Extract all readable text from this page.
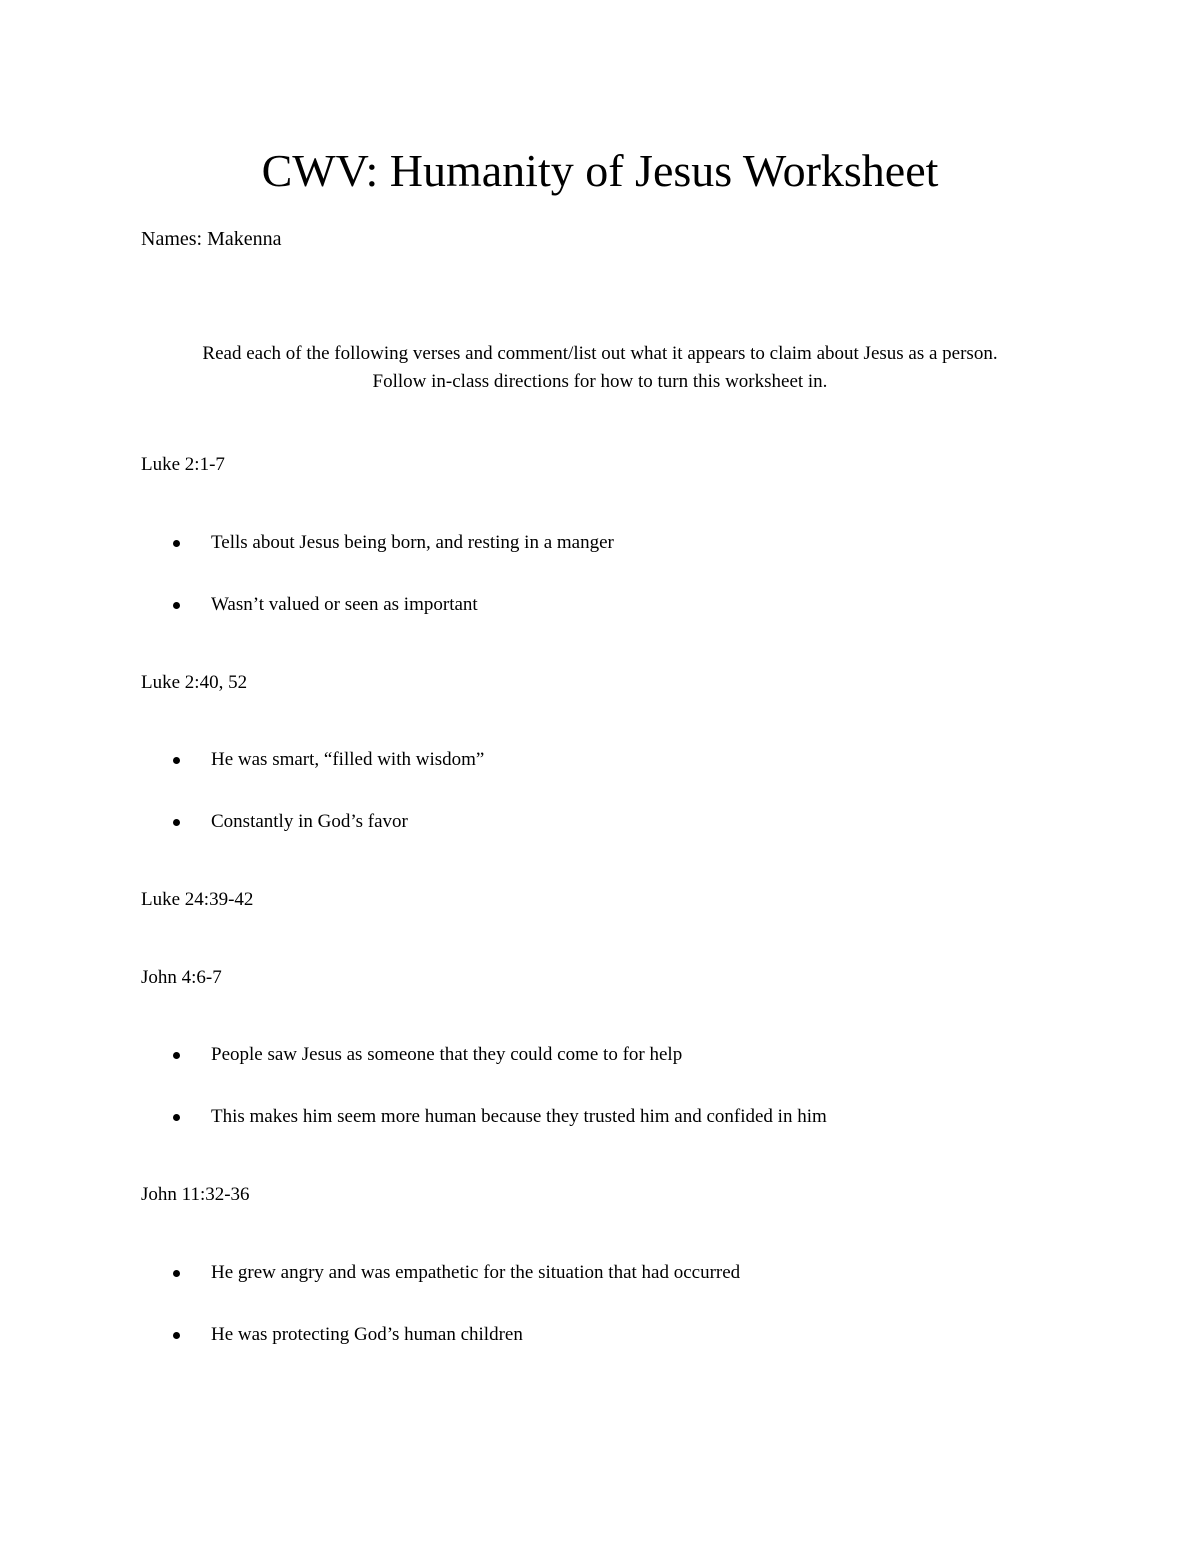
CWV: Humanity of Jesus Worksheet

Names: Makenna

Read each of the following verses and comment/list out what it appears to claim about Jesus as a person.
Follow in-class directions for how to turn this worksheet in.

Luke 2:1-7

Tells about Jesus being born, and resting in a manger

Wasn’t valued or seen as important

Luke 2:40, 52

He was smart, “filled with wisdom”

Constantly in God’s favor

Luke 24:39-42

John 4:6-7

People saw Jesus as someone that they could come to for help

This makes him seem more human because they trusted him and confided in him

John 11:32-36

He grew angry and was empathetic for the situation that had occurred

He was protecting God’s human children
